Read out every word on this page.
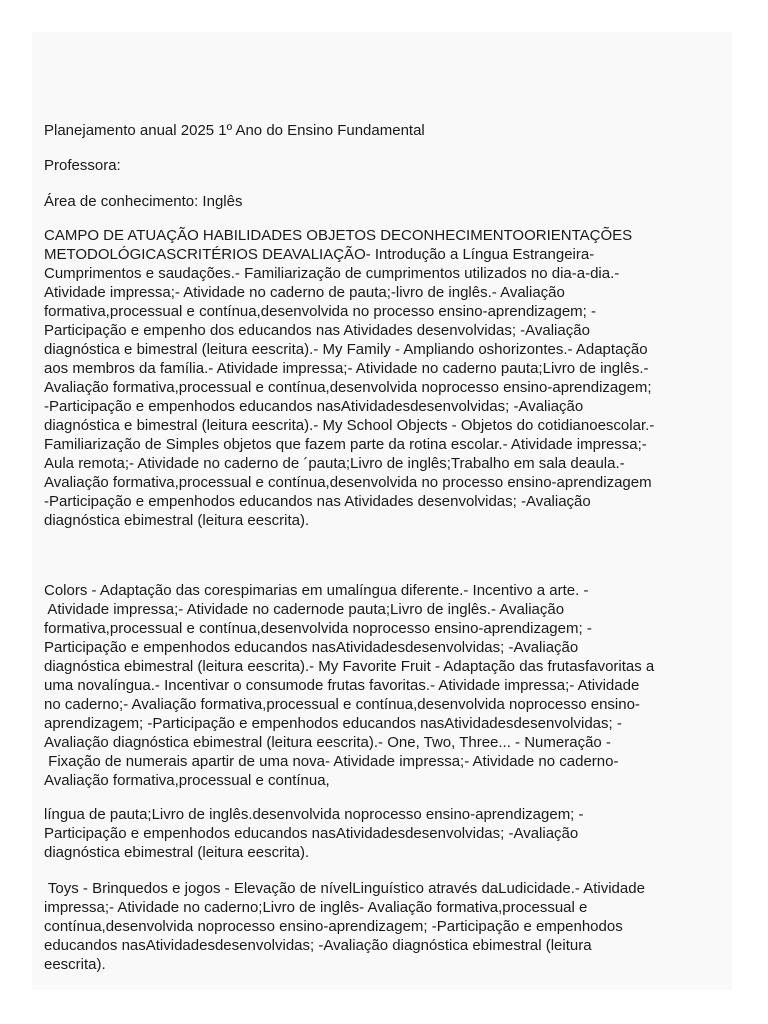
Planejamento anual 2025 1º Ano do Ensino Fundamental
Professora:
Área de conhecimento: Inglês
CAMPO DE ATUAÇÃO HABILIDADES OBJETOS DECONHECIMENTOORIENTAÇÕES
METODOLÓGICASCRITÉRIOS DEAVALIAÇÃO- Introdução a Língua Estrangeira-
Cumprimentos e saudações.- Familiarização de cumprimentos utilizados no dia-a-dia.-
Atividade impressa;- Atividade no caderno de pauta;-livro de inglês.- Avaliação
formativa,processual e contínua,desenvolvida no processo ensino-aprendizagem; -
Participação e empenho dos educandos nas Atividades desenvolvidas; -Avaliação
diagnóstica e bimestral (leitura eescrita).- My Family - Ampliando oshorizontes.- Adaptação
aos membros da família.- Atividade impressa;- Atividade no caderno pauta;Livro de inglês.-
Avaliação formativa,processual e contínua,desenvolvida noprocesso ensino-aprendizagem;
-Participação e empenhodos educandos nasAtividadesdesenvolvidas; -Avaliação
diagnóstica e bimestral (leitura eescrita).- My School Objects - Objetos do cotidianoescolar.-
Familiarização de Simples objetos que fazem parte da rotina escolar.- Atividade impressa;-
Aula remota;- Atividade no caderno de ´pauta;Livro de inglês;Trabalho em sala deaula.-
Avaliação formativa,processual e contínua,desenvolvida no processo ensino-aprendizagem
-Participação e empenhodos educandos nas Atividades desenvolvidas; -Avaliação
diagnóstica ebimestral (leitura eescrita).
Colors - Adaptação das corespimarias em umalíngua diferente.- Incentivo a arte. -
Atividade impressa;- Atividade no cadernode pauta;Livro de inglês.- Avaliação
formativa,processual e contínua,desenvolvida noprocesso ensino-aprendizagem; -
Participação e empenhodos educandos nasAtividadesdesenvolvidas; -Avaliação
diagnóstica ebimestral (leitura eescrita).- My Favorite Fruit - Adaptação das frutasfavoritas a
uma novalíngua.- Incentivar o consumode frutas favoritas.- Atividade impressa;- Atividade
no caderno;- Avaliação formativa,processual e contínua,desenvolvida noprocesso ensino-
aprendizagem; -Participação e empenhodos educandos nasAtividadesdesenvolvidas; -
Avaliação diagnóstica ebimestral (leitura eescrita).- One, Two, Three... - Numeração -
Fixação de numerais apartir de uma nova- Atividade impressa;- Atividade no caderno-
Avaliação formativa,processual e contínua,
língua de pauta;Livro de inglês.desenvolvida noprocesso ensino-aprendizagem; -
Participação e empenhodos educandos nasAtividadesdesenvolvidas; -Avaliação
diagnóstica ebimestral (leitura eescrita).
Toys - Brinquedos e jogos - Elevação de nívelLinguístico através daLudicidade.- Atividade
impressa;- Atividade no caderno;Livro de inglês- Avaliação formativa,processual e
contínua,desenvolvida noprocesso ensino-aprendizagem; -Participação e empenhodos
educandos nasAtividadesdesenvolvidas; -Avaliação diagnóstica ebimestral (leitura
eescrita).
